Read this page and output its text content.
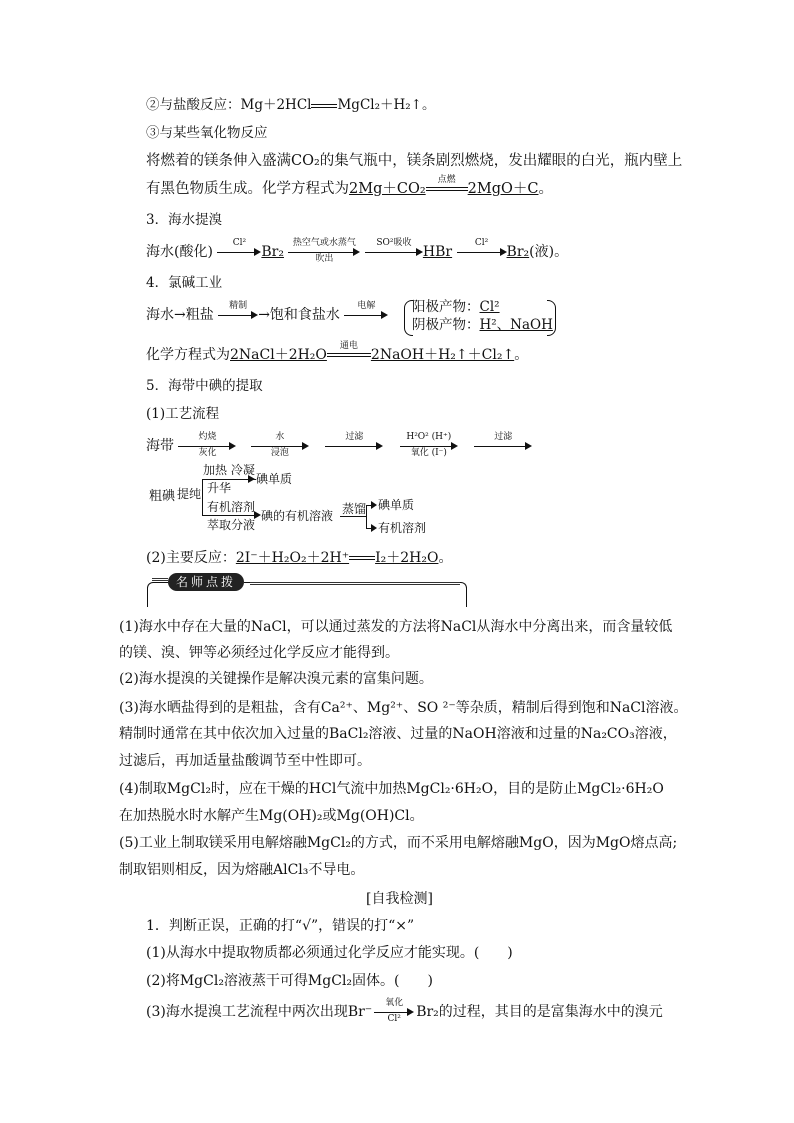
②与盐酸反应：Mg＋2HCl MgCl₂＋H₂↑。
③与某些氧化物反应
将燃着的镁条伸入盛满CO₂的集气瓶中，镁条剧烈燃烧，发出耀眼的白光，瓶内壁上
有黑色物质生成。化学方程式为2Mg＋CO₂
点燃
2MgO＋C。
3．海水提溴
海水(酸化)
Cl²
Br₂
热空气或水蒸气
吹出

SO²吸收
HBr
Cl²
Br₂(液)。
4．氯碱工业
海水→粗盐
精制
→饱和食盐水
电解	阳极产物：Cl²
阴极产物：H²、NaOH
化学方程式为2NaCl＋2H₂O
通电
2NaOH＋H₂↑＋Cl₂↑。
5．海带中碘的提取
(1)工艺流程
海带
灼烧
灰化

水
浸泡

过滤
	H²O² (H⁺)
氧化 (I⁻)

过滤
粗碘 提纯
加热 冷凝
升华
碘单质
有机溶剂
萃取分液
碘的有机溶液 蒸馏 碘单质
有机溶剂
(2)主要反应：2I⁻＋H₂O₂＋2H⁺ I₂＋2H₂O。
名师点拨
(1)海水中存在大量的NaCl，可以通过蒸发的方法将NaCl从海水中分离出来，而含量较低
的镁、溴、钾等必须经过化学反应才能得到。
(2)海水提溴的关键操作是解决溴元素的富集问题。
(3)海水晒盐得到的是粗盐，含有Ca²⁺、Mg²⁺、SO ²⁻等杂质，精制后得到饱和NaCl溶液。
精制时通常在其中依次加入过量的BaCl₂溶液、过量的NaOH溶液和过量的Na₂CO₃溶液，
过滤后，再加适量盐酸调节至中性即可。
(4)制取MgCl₂时，应在干燥的HCl气流中加热MgCl₂·6H₂O，目的是防止MgCl₂·6H₂O
在加热脱水时水解产生Mg(OH)₂或Mg(OH)Cl。
(5)工业上制取镁采用电解熔融MgCl₂的方式，而不采用电解熔融MgO，因为MgO熔点高;
制取铝则相反，因为熔融AlCl₃不导电。
[自我检测]
1．判断正误，正确的打“√”，错误的打“×”
(1)从海水中提取物质都必须通过化学反应才能实现。(　　)
(2)将MgCl₂溶液蒸干可得MgCl₂固体。(　　)
(3)海水提溴工艺流程中两次出现Br⁻
氧化
Cl²	Br₂的过程，其目的是富集海水中的溴元
